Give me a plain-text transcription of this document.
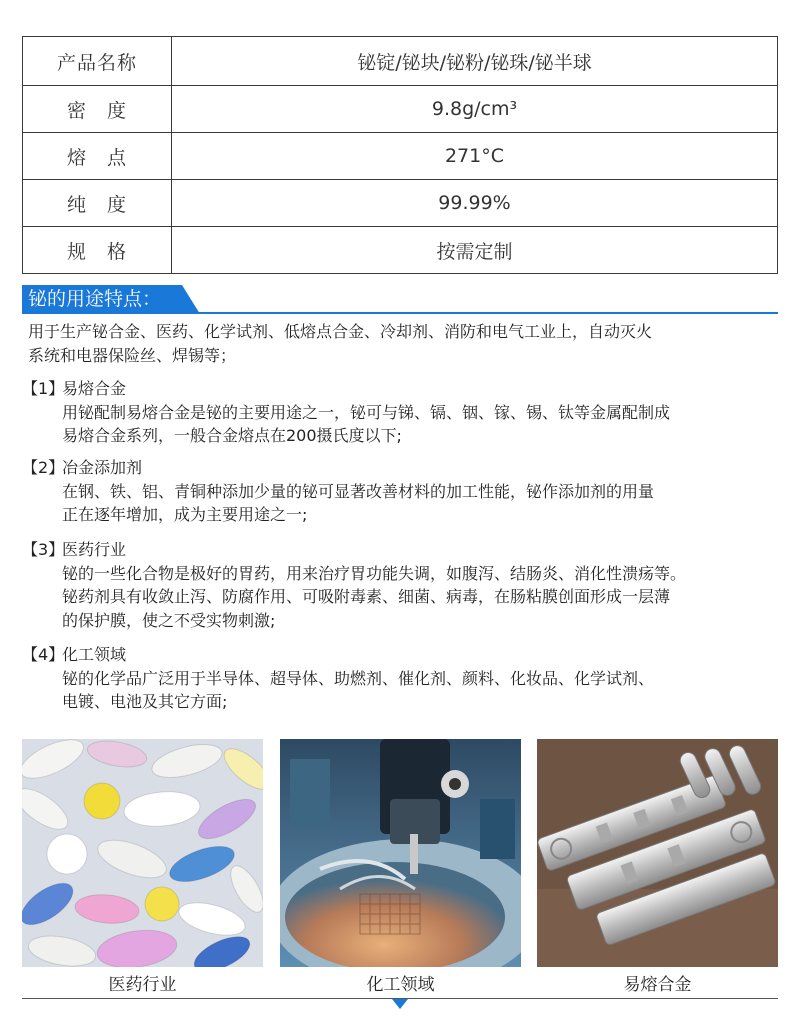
产品名称	铋锭/铋块/铋粉/铋珠/铋半球
密　度	9.8g/cm³
熔　点	271°C
纯　度	99.99%
规　格	按需定制
铋的用途特点：
用于生产铋合金、医药、化学试剂、低熔点合金、冷却剂、消防和电气工业上，自动灭火
系统和电器保险丝、焊锡等；
【1】
易熔合金
用铋配制易熔合金是铋的主要用途之一，铋可与锑、镉、铟、镓、锡、钛等金属配制成
易熔合金系列，一般合金熔点在200摄氏度以下;
【2】
冶金添加剂
在钢、铁、铝、青铜种添加少量的铋可显著改善材料的加工性能，铋作添加剂的用量
正在逐年增加，成为主要用途之一;
【3】
医药行业
铋的一些化合物是极好的胃药，用来治疗胃功能失调，如腹泻、结肠炎、消化性溃疡等。
铋药剂具有收敛止泻、防腐作用、可吸附毒素、细菌、病毒，在肠粘膜创面形成一层薄
的保护膜，使之不受实物刺激;
【4】
化工领域
铋的化学品广泛用于半导体、超导体、助燃剂、催化剂、颜料、化妆品、化学试剂、
电镀、电池及其它方面;
医药行业	化工领域	易熔合金
